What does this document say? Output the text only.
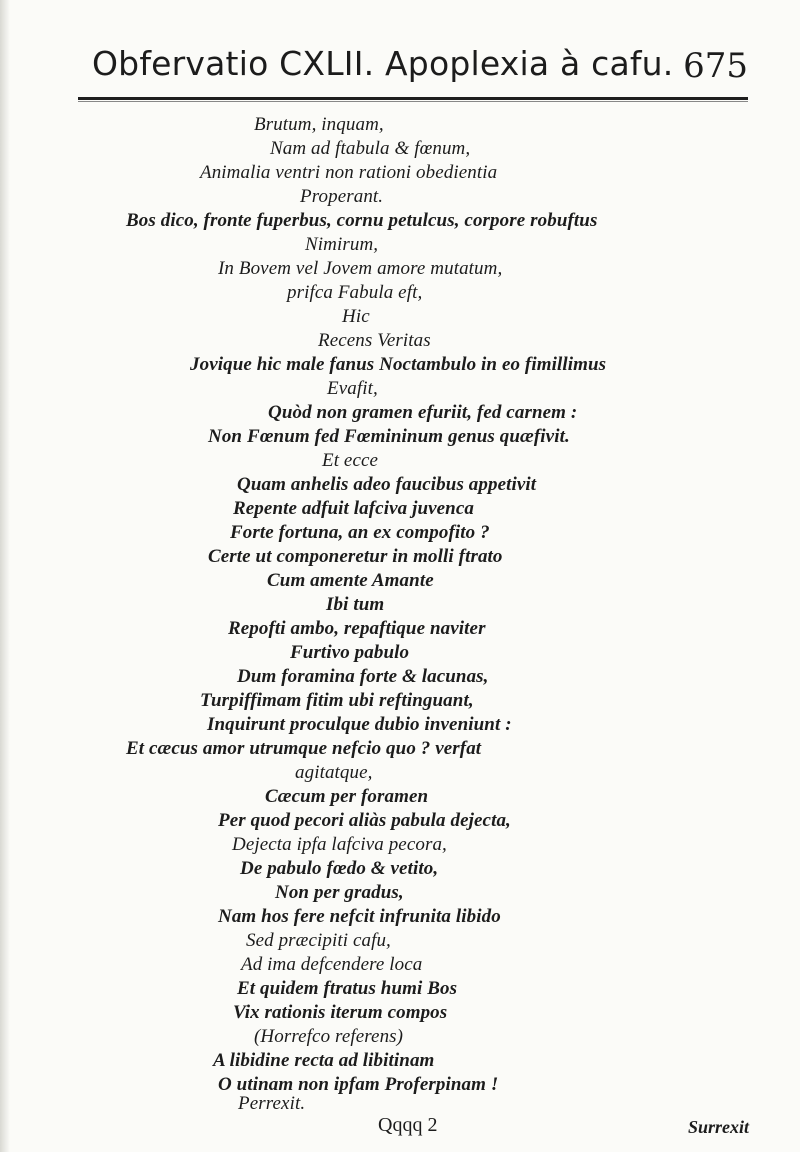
Obfervatio CXLII. Apoplexia à cafu. 675
Brutum, inquam,
Nam ad ftabula & fœnum,
Animalia ventri non rationi obedientia
Properant.
Bos dico, fronte fuperbus, cornu petulcus, corpore robuftus
Nimirum,
In Bovem vel Jovem amore mutatum,
prifca Fabula eft,
Hic
Recens Veritas
Jovique hic male fanus Noctambulo in eo fimillimus
Evafit,
Quòd non gramen efuriit, fed carnem :
Non Fœnum fed Fœmininum genus quæfivit.
Et ecce
Quam anhelis adeo faucibus appetivit
Repente adfuit lafciva juvenca
Forte fortuna, an ex compofito ?
Certe ut componeretur in molli ftrato
Cum amente Amante
Ibi tum
Repofti ambo, repaftique naviter
Furtivo pabulo
Dum foramina forte & lacunas,
Turpiffimam fitim ubi reftinguant,
Inquirunt proculque dubio inveniunt :
Et cæcus amor utrumque nefcio quo ? verfat
agitatque,
Cæcum per foramen
Per quod pecori aliàs pabula dejecta,
Dejecta ipfa lafciva pecora,
De pabulo fœdo & vetito,
Non per gradus,
Nam hos fere nefcit infrunita libido
Sed præcipiti cafu,
Ad ima defcendere loca
Et quidem ftratus humi Bos
Vix rationis iterum compos
(Horrefco referens)
A libidine recta ad libitinam
O utinam non ipfam Proferpinam !
Perrexit.
Qqqq 2	Surrexit
